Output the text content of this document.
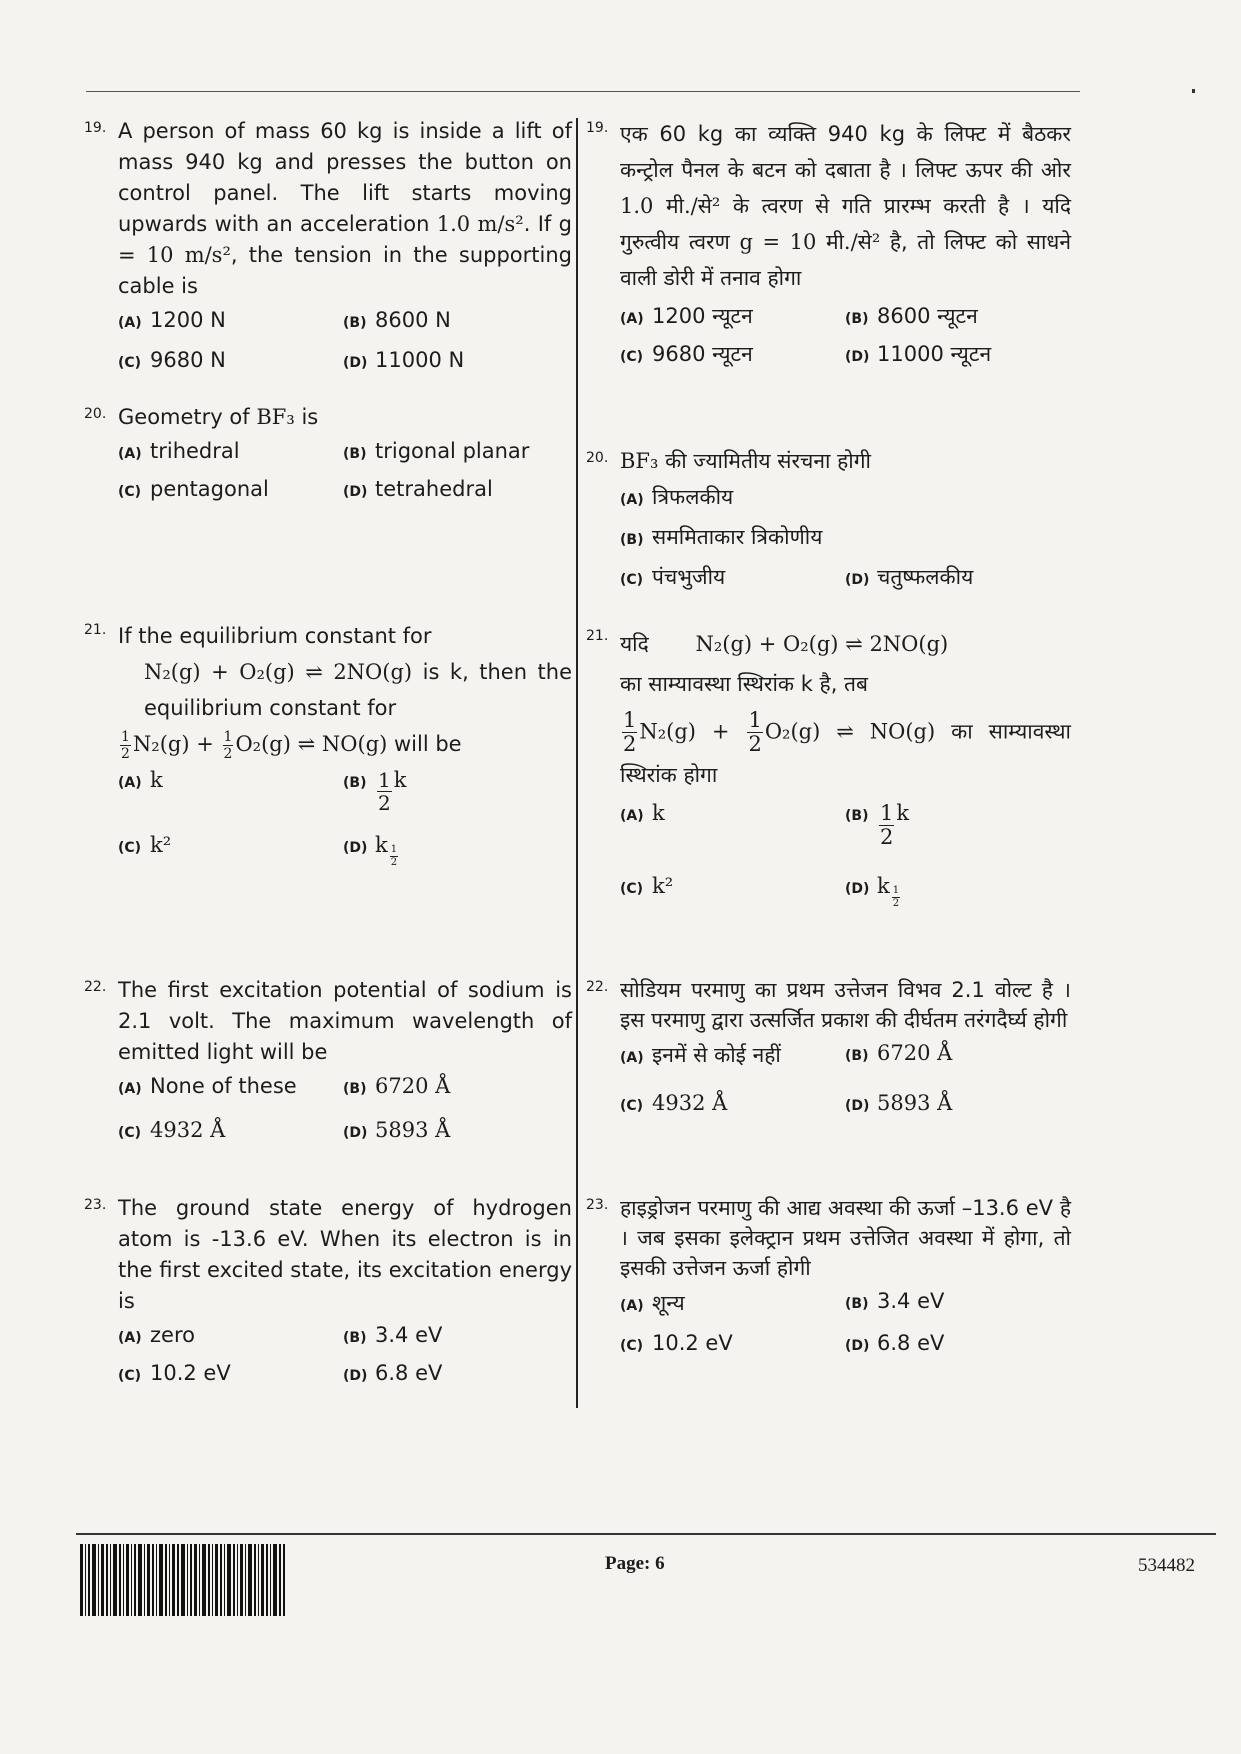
19. A person of mass 60 kg is inside a lift of mass 940 kg and presses the button on control panel. The lift starts moving upwards with an acceleration 1.0 m/s². If g = 10 m/s², the tension in the supporting cable is
(A) 1200 N	(B) 8600 N
(C) 9680 N	(D) 11000 N
20. Geometry of BF₃ is
(A) trihedral	(B) trigonal planar
(C) pentagonal	(D) tetrahedral
21. If the equilibrium constant for
N₂(g) + O₂(g) ⇌ 2NO(g) is k, then the equilibrium constant for
$\frac{1}{2} N_2(g) + \frac{1}{2} O_2(g)$ ⇌ NO(g) will be
(A) k	$(B) \frac{1}{2}$ k
(C) k²	(D) k $\frac{1}{2}$
22. The first excitation potential of sodium is 2.1 volt. The maximum wavelength of emitted light will be
(A) None of these	(B) 6720 Å
(C) 4932 Å	(D) 5893 Å
23. The ground state energy of hydrogen atom is -13.6 eV. When its electron is in the first excited state, its excitation energy is
(A) zero	(B) 3.4 eV
(C) 10.2 eV	(D) 6.8 eV
19. एक 60 kg का व्यक्ति 940 kg के लिफ्ट में बैठकर कन्ट्रोल पैनल के बटन को दबाता है । लिफ्ट ऊपर की ओर 1.0 मी./से² के त्वरण से गति प्रारम्भ करती है । यदि गुरुत्वीय त्वरण g = 10 मी./से² है, तो लिफ्ट को साधने वाली डोरी में तनाव होगा
(A) 1200 न्यूटन	(B) 8600 न्यूटन
(C) 9680 न्यूटन	(D) 11000 न्यूटन
20. BF₃ की ज्यामितीय संरचना होगी
(A) त्रिफलकीय
(B) सममिताकार त्रिकोणीय
(C) पंचभुजीय	(D) चतुष्फलकीय
21. यदि N₂(g) + O₂(g) ⇌ 2NO(g)
का साम्यावस्था स्थिरांक k है, तब
$\frac{1}{2} N_2(g) + \frac{1}{2} O_2(g)$ ⇌ NO(g) का साम्यावस्था स्थिरांक होगा
(A) k	$(B) \frac{1}{2}$ k
(C) k²	(D) k $\frac{1}{2}$
22. सोडियम परमाणु का प्रथम उत्तेजन विभव 2.1 वोल्ट है । इस परमाणु द्वारा उत्सर्जित प्रकाश की दीर्घतम तरंगदैर्घ्य होगी
(A) इनमें से कोई नहीं	(B) 6720 Å
(C) 4932 Å	(D) 5893 Å
23. हाइड्रोजन परमाणु की आद्य अवस्था की ऊर्जा –13.6 eV है । जब इसका इलेक्ट्रान प्रथम उत्तेजित अवस्था में होगा, तो इसकी उत्तेजन ऊर्जा होगी
(A) शून्य	(B) 3.4 eV
(C) 10.2 eV	(D) 6.8 eV
Page: 6	534482
